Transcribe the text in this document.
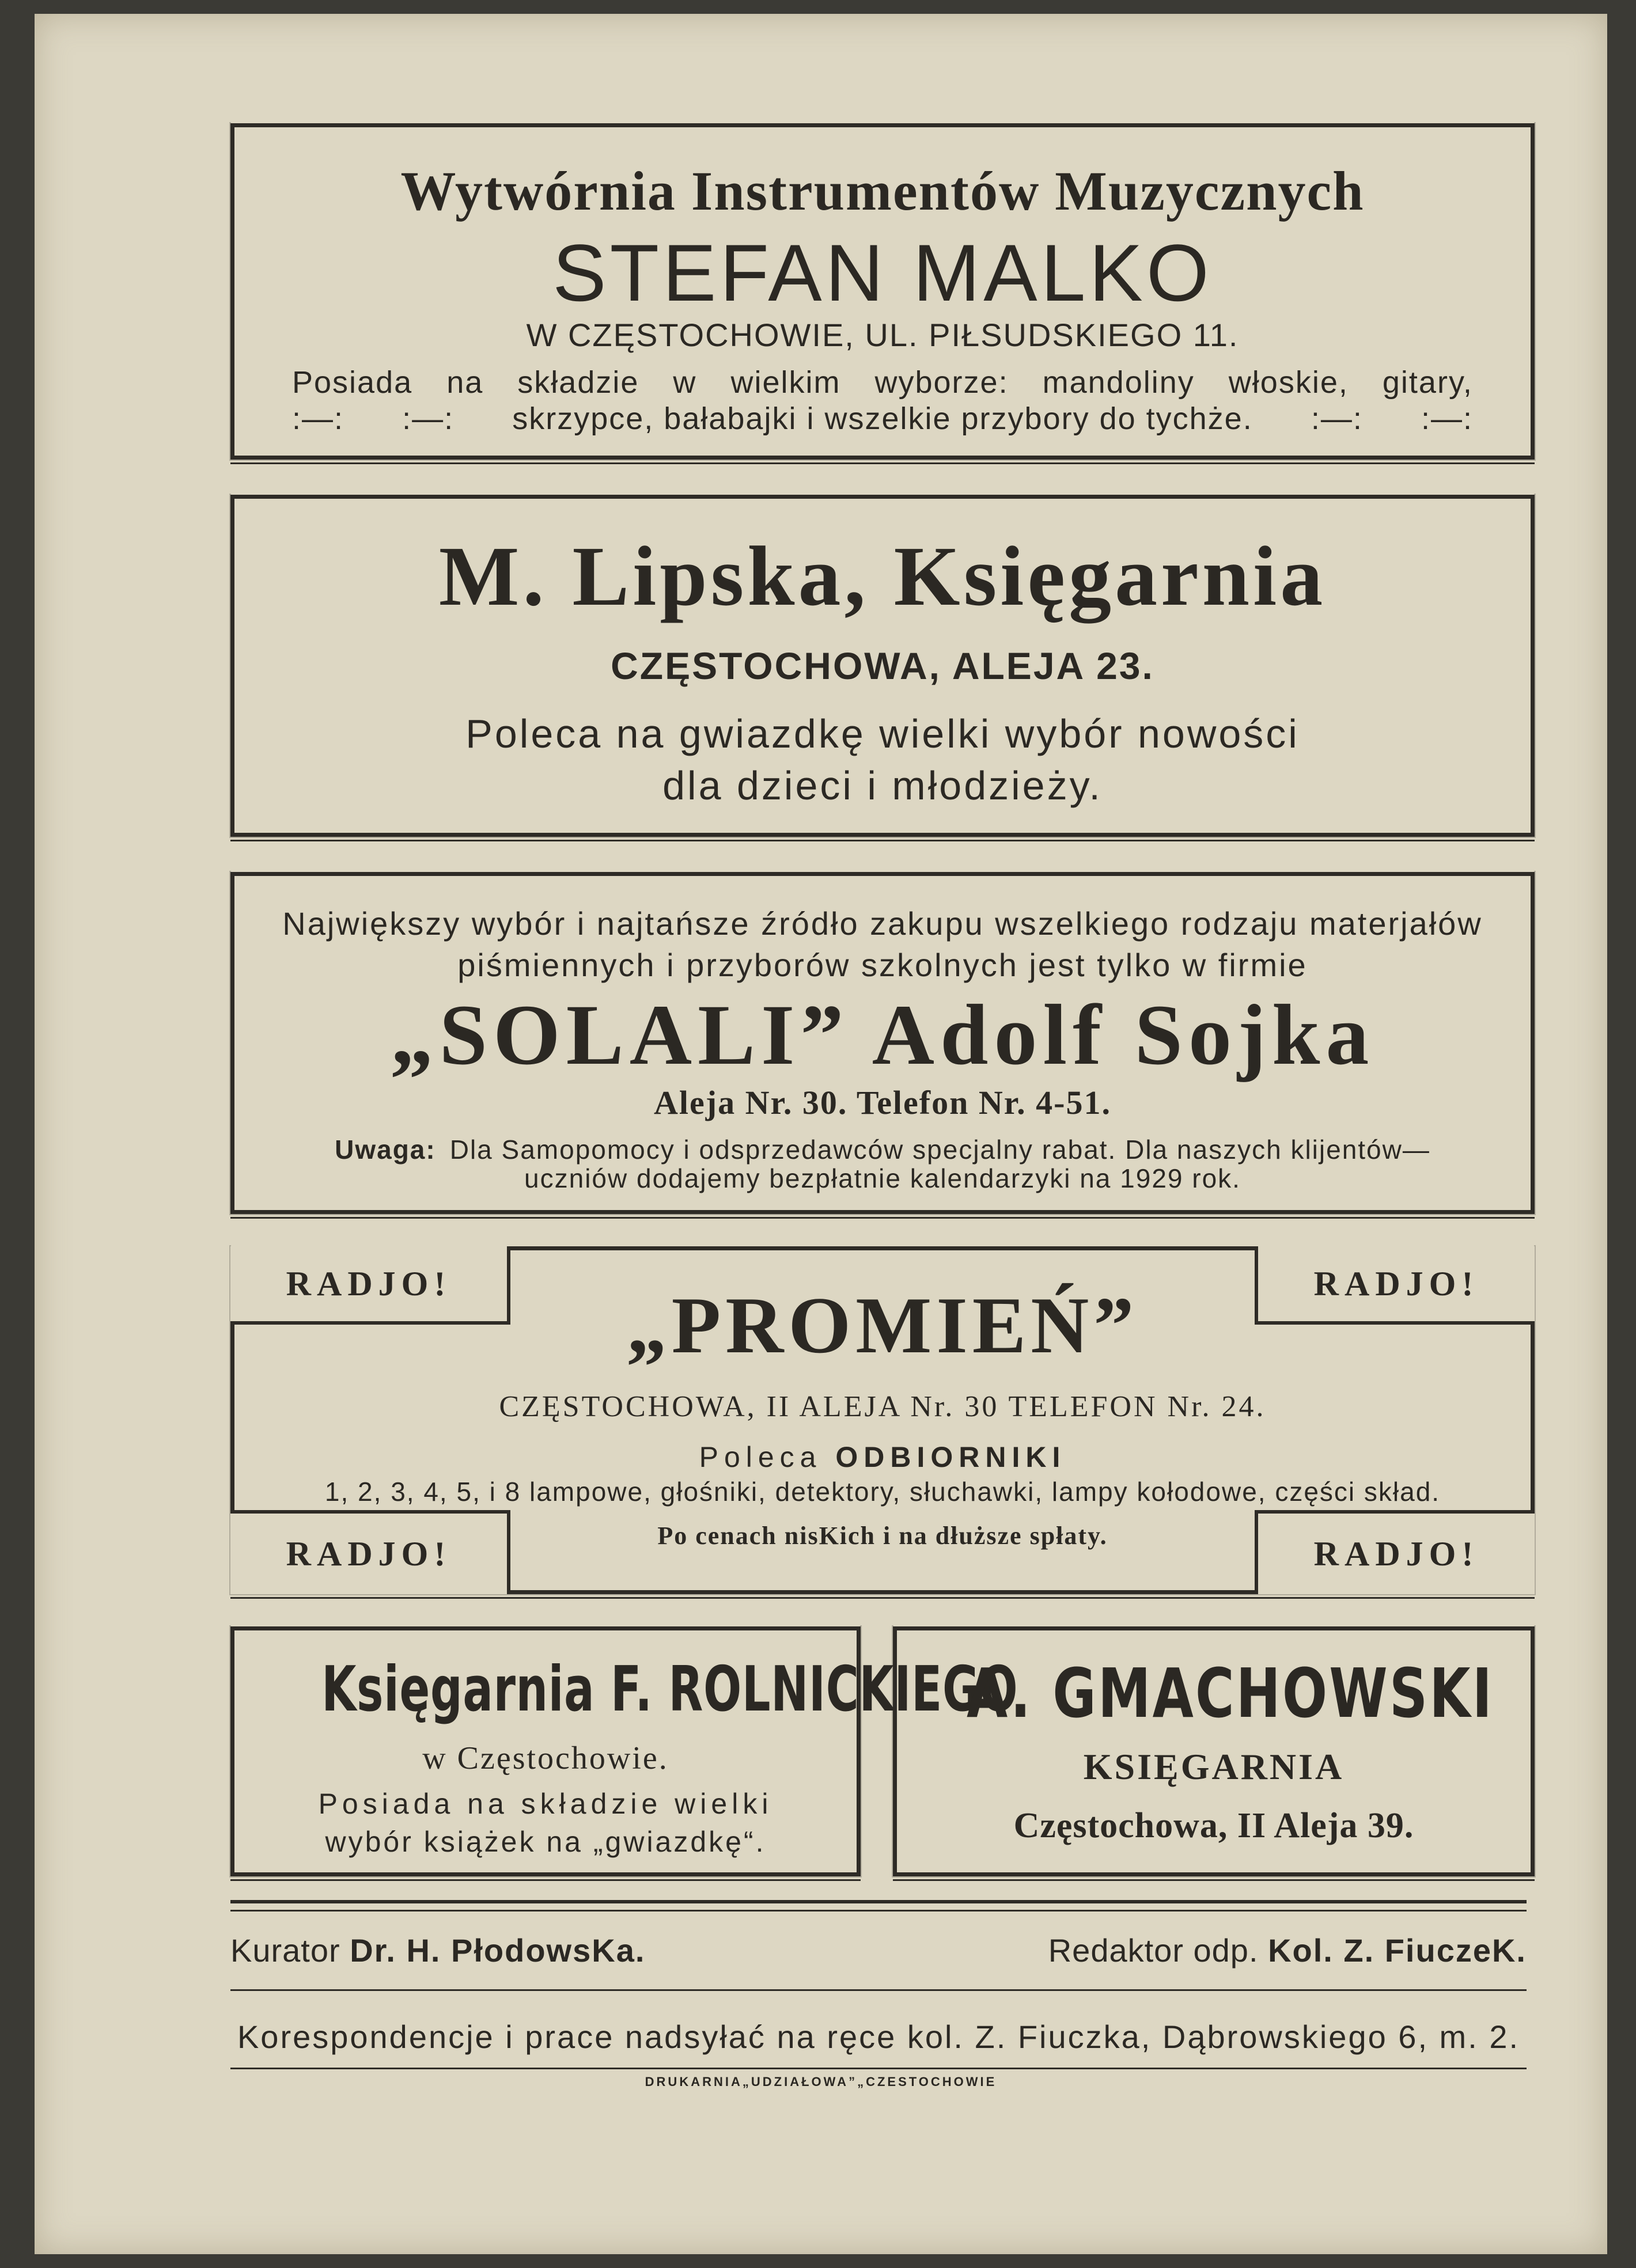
Wytwórnia Instrumentów Muzycznych
STEFAN MALKO
W CZĘSTOCHOWIE, UL. PIŁSUDSKIEGO 11.
Posiada na składzie w wielkim wyborze: mandoliny włoskie, gitary,
:—: :—: skrzypce, bałabajki i wszelkie przybory do tychże. :—: :—:
M. Lipska, Księgarnia
CZĘSTOCHOWA, ALEJA 23.
Poleca na gwiazdkę wielki wybór nowości
dla dzieci i młodzieży.
Największy wybór i najtańsze źródło zakupu wszelkiego rodzaju materjałów
piśmiennych i przyborów szkolnych jest tylko w firmie
„SOLALI” Adolf Sojka
Aleja Nr. 30. Telefon Nr. 4-51.
Uwaga: Dla Samopomocy i odsprzedawców specjalny rabat. Dla naszych klijentów—
uczniów dodajemy bezpłatnie kalendarzyki na 1929 rok.
RADJO!	RADJO!
RADJO!	RADJO!
„PROMIEŃ”
CZĘSTOCHOWA, II ALEJA Nr. 30 TELEFON Nr. 24.
Poleca ODBIORNIKI
1, 2, 3, 4, 5, i 8 lampowe, głośniki, detektory, słuchawki, lampy kołodowe, części skład.
Po cenach nisKich i na dłuższe spłaty.
Księgarnia F. ROLNICKIEGO
w Częstochowie.
Posiada na składzie wielki
wybór książek na „gwiazdkę“.
A. GMACHOWSKI
KSIĘGARNIA
Częstochowa, II Aleja 39.
Kurator Dr. H. PłodowsKa.	Redaktor odp. Kol. Z. FiuczeK.
Korespondencje i prace nadsyłać na ręce kol. Z. Fiuczka, Dąbrowskiego 6, m. 2.
DRUKARNIA„UDZIAŁOWA”„CZESTOCHOWIE
